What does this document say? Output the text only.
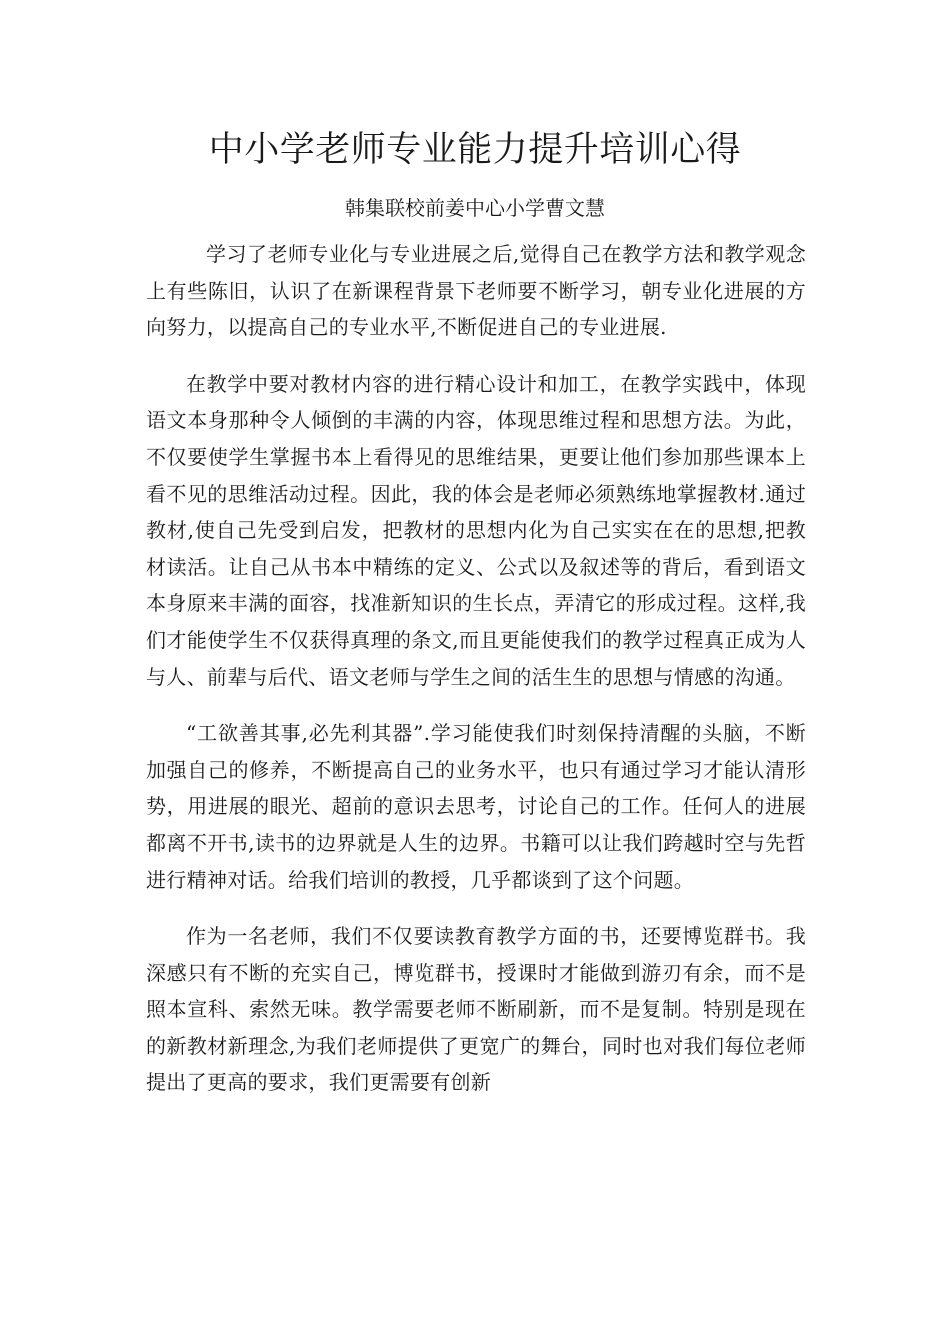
中小学老师专业能力提升培训心得

韩集联校前姜中心小学曹文慧

学习了老师专业化与专业进展之后,觉得自己在教学方法和教学观念上有些陈旧，认识了在新课程背景下老师要不断学习，朝专业化进展的方向努力，以提高自己的专业水平,不断促进自己的专业进展.

在教学中要对教材内容的进行精心设计和加工，在教学实践中，体现语文本身那种令人倾倒的丰满的内容，体现思维过程和思想方法。为此，不仅要使学生掌握书本上看得见的思维结果，更要让他们参加那些课本上看不见的思维活动过程。因此，我的体会是老师必须熟练地掌握教材.通过教材,使自己先受到启发，把教材的思想内化为自己实实在在的思想,把教材读活。让自己从书本中精练的定义、公式以及叙述等的背后，看到语文本身原来丰满的面容，找准新知识的生长点，弄清它的形成过程。这样,我们才能使学生不仅获得真理的条文,而且更能使我们的教学过程真正成为人与人、前辈与后代、语文老师与学生之间的活生生的思想与情感的沟通。

“工欲善其事,必先利其器”.学习能使我们时刻保持清醒的头脑，不断加强自己的修养，不断提高自己的业务水平，也只有通过学习才能认清形势，用进展的眼光、超前的意识去思考，讨论自己的工作。任何人的进展都离不开书,读书的边界就是人生的边界。书籍可以让我们跨越时空与先哲进行精神对话。给我们培训的教授，几乎都谈到了这个问题。

作为一名老师，我们不仅要读教育教学方面的书，还要博览群书。我深感只有不断的充实自己，博览群书，授课时才能做到游刃有余，而不是照本宣科、索然无味。教学需要老师不断刷新，而不是复制。特别是现在的新教材新理念,为我们老师提供了更宽广的舞台，同时也对我们每位老师提出了更高的要求，我们更需要有创新
